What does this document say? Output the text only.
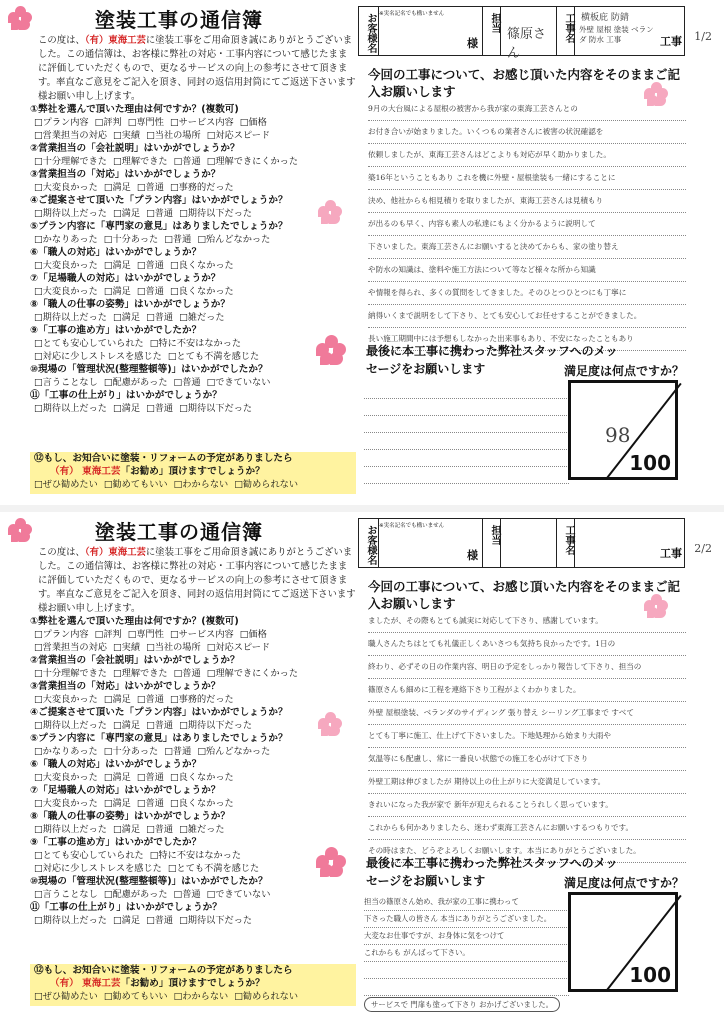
塗装工事の通信簿
この度は、（有）東海工芸に塗装工事をご用命頂き誠にありがとうございました。この通信簿は、お客様に弊社の対応・工事内容について感じたままに評価していただくもので、更なるサービスの向上の参考にさせて頂きます。率直なご意見をご記入を頂き、同封の返信用封筒にてご返送下さいます様お願い申し上げます。
①弊社を選んで頂いた理由は何ですか？(複数可)
□プラン内容 □評判 □専門性 □サービス内容 □価格
□営業担当の対応 □実績 □当社の場所 □対応スピード
②営業担当の「会社説明」はいかがでしょうか？
□十分理解できた □理解できた □普通 □理解できにくかった
③営業担当の「対応」はいかがでしょうか？
□大変良かった □満足 □普通 □事務的だった
④ご提案させて頂いた「プラン内容」はいかがでしょうか？
□期待以上だった □満足 □普通 □期待以下だった
⑤プラン内容に「専門家の意見」はありましたでしょうか？
□かなりあった □十分あった □普通 □殆んどなかった
⑥「職人の対応」はいかがでしょうか？
□大変良かった □満足 □普通 □良くなかった
⑦「足場職人の対応」はいかがでしょうか？
□大変良かった □満足 □普通 □良くなかった
⑧「職人の仕事の姿勢」はいかがでしょうか？
□期待以上だった □満足 □普通 □雑だった
⑨「工事の進め方」はいかがでしたか？
□とても安心していられた □特に不安はなかった
□対応に少しストレスを感じた □とても不満を感じた
⑩現場の「管理状況(整理整頓等)」はいかがでしたか？
□言うことなし □配慮があった □普通 □できていない
⑪「工事の仕上がり」はいかがでしょうか？
□期待以上だった □満足 □普通 □期待以下だった
⑫もし、お知合いに塗装・リフォームの予定がありましたら
（有） 東海工芸「お勧め」頂けますでしょうか？
□ぜひ勧めたい □勧めてもいい □わからない □勧められない
※実名記名でも構いません
お客様名	様
担当
篠原さん
工事名 横板庇 防錆
外壁 屋根 塗装 ベランダ 防水 工事	工事 1/2
今回の工事について、お感じ頂いた内容をそのままご記入お願いします
9月の大台風による屋根の被害から我が家の東海工芸さんとの
お付き合いが始まりました。いくつもの業者さんに被害の状況確認を
依頼しましたが、東海工芸さんはどこよりも対応が早く助かりました。
築16年ということもあり これを機に外壁・屋根塗装も一緒にすることに
決め、他社からも相見積りを取りましたが、東海工芸さんは見積もり
が出るのも早く、内容も素人の私達にもよく分かるように説明して
下さいました。東海工芸さんにお願いすると決めてからも、家の塗り替え
や防水の知識は、塗料や施工方法について等など様々な所から知識
や情報を得られ、多くの質問をしてきました。そのひとつひとつにも丁寧に
納得いくまで説明をして下さり、とても安心してお任せすることができました。
長い施工期間中には予想もしなかった出来事もあり、不安になったこともあり
最後に本工事に携わった弊社スタッフへのメッセージをお願いします	満足度は何点ですか？
98
100
塗装工事の通信簿
この度は、（有）東海工芸に塗装工事をご用命頂き誠にありがとうございました。この通信簿は、お客様に弊社の対応・工事内容について感じたままに評価していただくもので、更なるサービスの向上の参考にさせて頂きます。率直なご意見をご記入を頂き、同封の返信用封筒にてご返送下さいます様お願い申し上げます。
①弊社を選んで頂いた理由は何ですか？(複数可)
□プラン内容 □評判 □専門性 □サービス内容 □価格
□営業担当の対応 □実績 □当社の場所 □対応スピード
②営業担当の「会社説明」はいかがでしょうか？
□十分理解できた □理解できた □普通 □理解できにくかった
③営業担当の「対応」はいかがでしょうか？
□大変良かった □満足 □普通 □事務的だった
④ご提案させて頂いた「プラン内容」はいかがでしょうか？
□期待以上だった □満足 □普通 □期待以下だった
⑤プラン内容に「専門家の意見」はありましたでしょうか？
□かなりあった □十分あった □普通 □殆んどなかった
⑥「職人の対応」はいかがでしょうか？
□大変良かった □満足 □普通 □良くなかった
⑦「足場職人の対応」はいかがでしょうか？
□大変良かった □満足 □普通 □良くなかった
⑧「職人の仕事の姿勢」はいかがでしょうか？
□期待以上だった □満足 □普通 □雑だった
⑨「工事の進め方」はいかがでしたか？
□とても安心していられた □特に不安はなかった
□対応に少しストレスを感じた □とても不満を感じた
⑩現場の「管理状況(整理整頓等)」はいかがでしたか？
□言うことなし □配慮があった □普通 □できていない
⑪「工事の仕上がり」はいかがでしょうか？
□期待以上だった □満足 □普通 □期待以下だった
⑫もし、お知合いに塗装・リフォームの予定がありましたら
（有） 東海工芸「お勧め」頂けますでしょうか？
□ぜひ勧めたい □勧めてもいい □わからない □勧められない
※実名記名でも構いません
お客様名	様
担当	工事名	工事 2/2
今回の工事について、お感じ頂いた内容をそのままご記入お願いします
ましたが、その際もとても誠実に対応して下さり、感謝しています。
職人さんたちはとても礼儀正しくあいさつも気持ち良かったです。1日の
終わり、必ずその日の作業内容、明日の予定をしっかり報告して下さり、担当の
篠原さんも細めに工程を連絡下さり工程がよくわかりました。
外壁 屋根塗装、ベランダのサイディング 張り替え シーリング工事まで すべて
とても丁寧に施工、仕上げて下さいました。下地処理から始まり大雨や
気温等にも配慮し、常に一番良い状態での施工を心がけて下さり
外壁工期は伸びましたが 期待以上の仕上がりに大変満足しています。
きれいになった我が家で 新年が迎えられることうれしく思っています。
これからも何かありましたら、迷わず東海工芸さんにお願いするつもりです。
その時はまた、どうぞよろしくお願いします。本当にありがとうございました。
最後に本工事に携わった弊社スタッフへのメッセージをお願いします
担当の篠原さん始め、我が家の工事に携わって
下さった職人の皆さん 本当にありがとうございました。
大変なお仕事ですが、お身体に気をつけて
これからも がんばって下さい。
満足度は何点ですか？
100
サービスで 門扉も塗って下さり おかげございました。
